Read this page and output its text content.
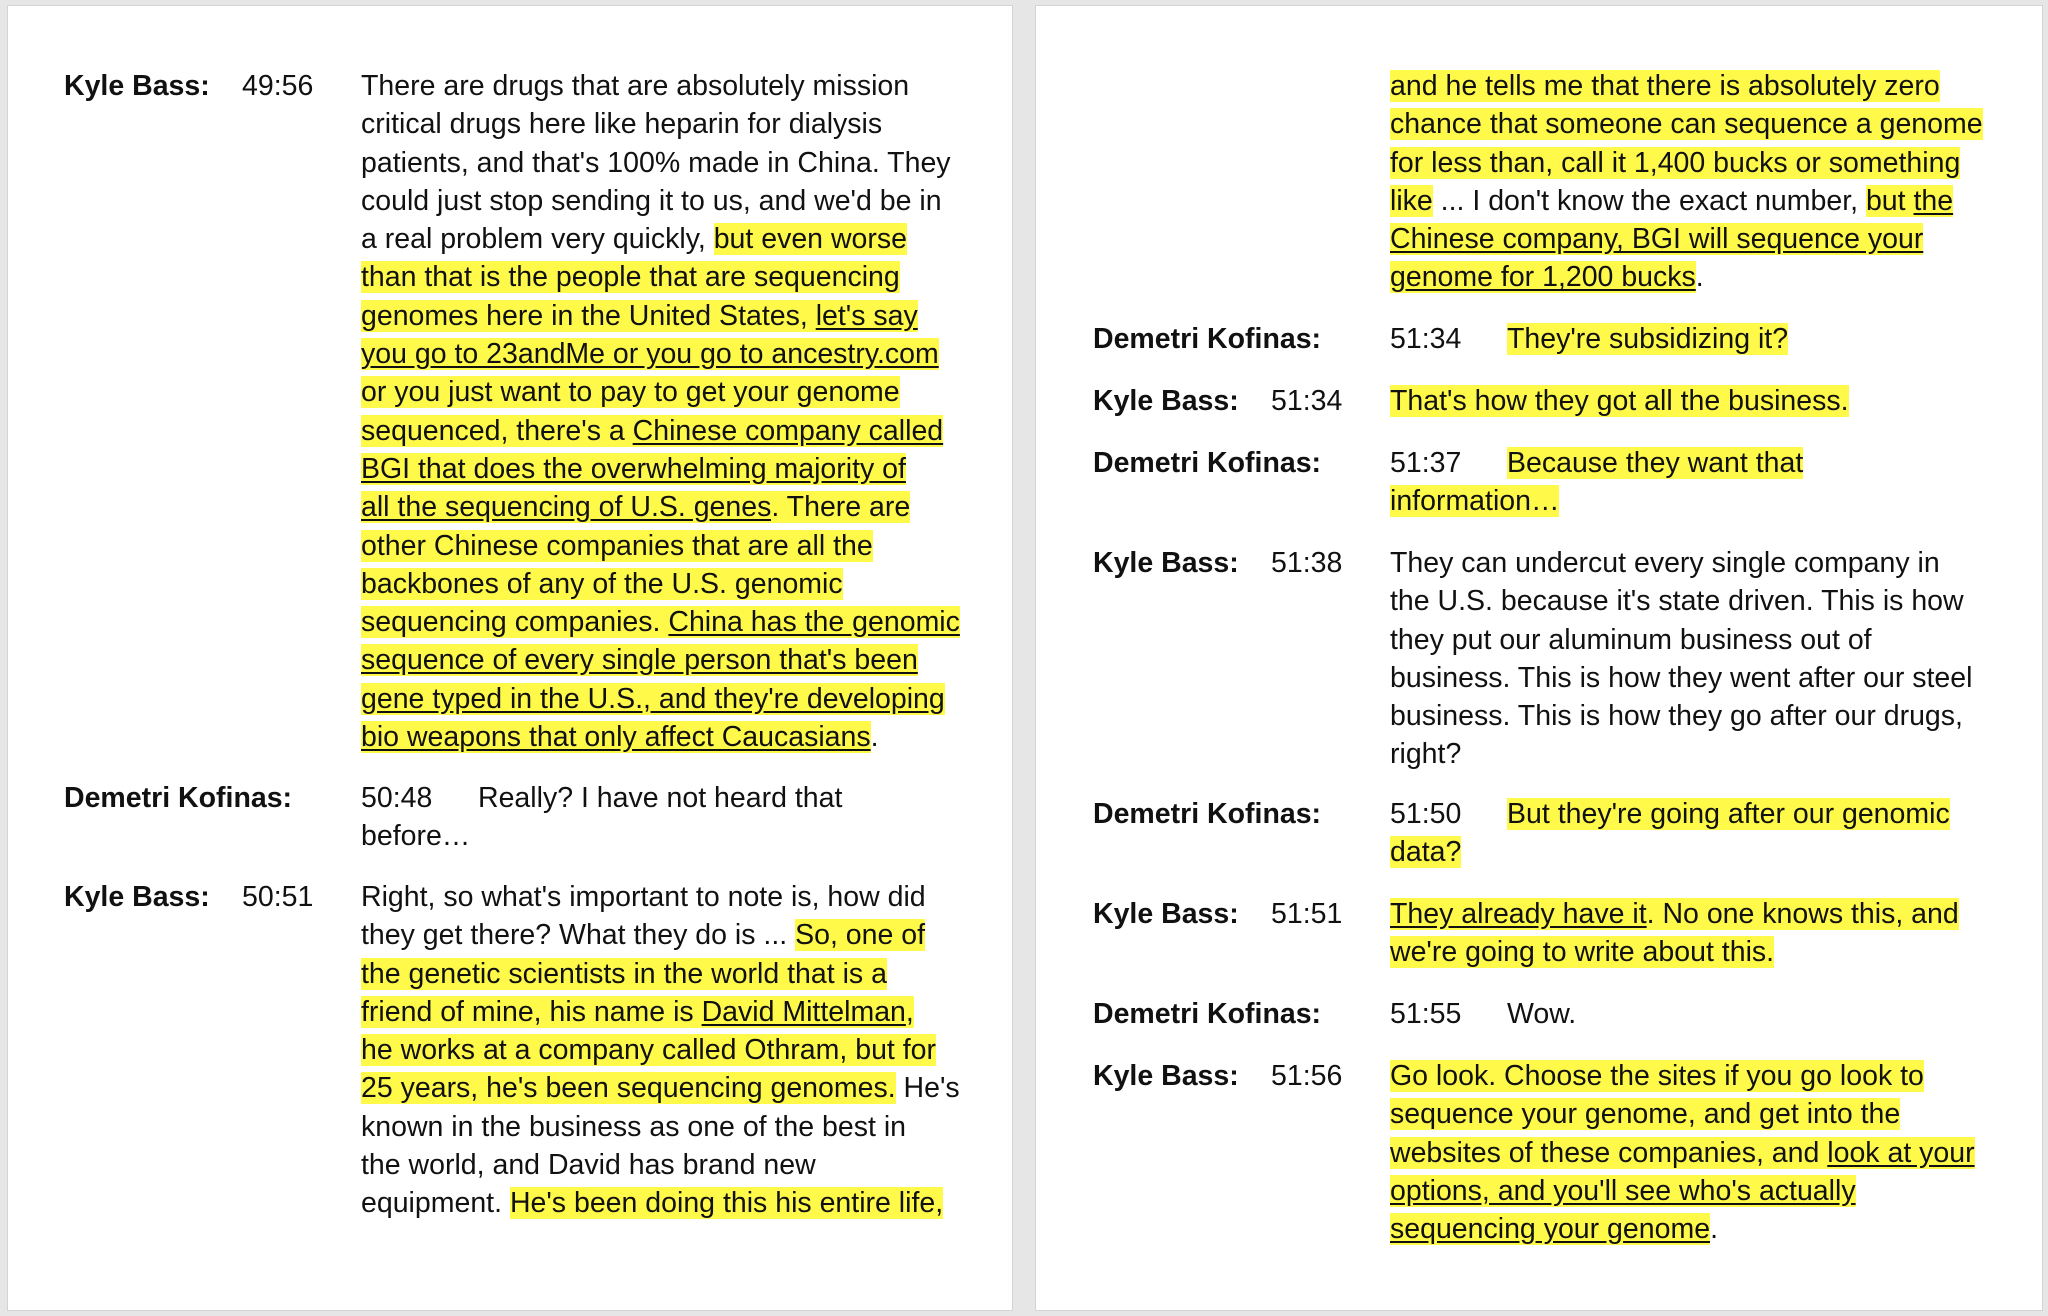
Kyle Bass: 49:56 There are drugs that are absolutely mission
critical drugs here like heparin for dialysis
patients, and that's 100% made in China. They
could just stop sending it to us, and we'd be in
a real problem very quickly, but even worse
than that is the people that are sequencing
genomes here in the United States, let's say
you go to 23andMe or you go to ancestry.com
or you just want to pay to get your genome
sequenced, there's a Chinese company called
BGI that does the overwhelming majority of
all the sequencing of U.S. genes. There are
other Chinese companies that are all the
backbones of any of the U.S. genomic
sequencing companies. China has the genomic
sequence of every single person that's been
gene typed in the U.S., and they're developing
bio weapons that only affect Caucasians.
Demetri Kofinas: 50:48 Really? I have not heard that
before…
Kyle Bass: 50:51 Right, so what's important to note is, how did
they get there? What they do is ... So, one of
the genetic scientists in the world that is a
friend of mine, his name is David Mittelman,
he works at a company called Othram, but for
25 years, he's been sequencing genomes. He's
known in the business as one of the best in
the world, and David has brand new
equipment. He's been doing this his entire life,
and he tells me that there is absolutely zero
chance that someone can sequence a genome
for less than, call it 1,400 bucks or something
like ... I don't know the exact number, but the
Chinese company, BGI will sequence your
genome for 1,200 bucks.
Demetri Kofinas: 51:34 They're subsidizing it?
Kyle Bass: 51:34 That's how they got all the business.
Demetri Kofinas: 51:37 Because they want that
information…
Kyle Bass: 51:38 They can undercut every single company in
the U.S. because it's state driven. This is how
they put our aluminum business out of
business. This is how they went after our steel
business. This is how they go after our drugs,
right?
Demetri Kofinas: 51:50 But they're going after our genomic
data?
Kyle Bass: 51:51 They already have it. No one knows this, and
we're going to write about this.
Demetri Kofinas: 51:55 Wow.
Kyle Bass: 51:56 Go look. Choose the sites if you go look to
sequence your genome, and get into the
websites of these companies, and look at your
options, and you'll see who's actually
sequencing your genome.
